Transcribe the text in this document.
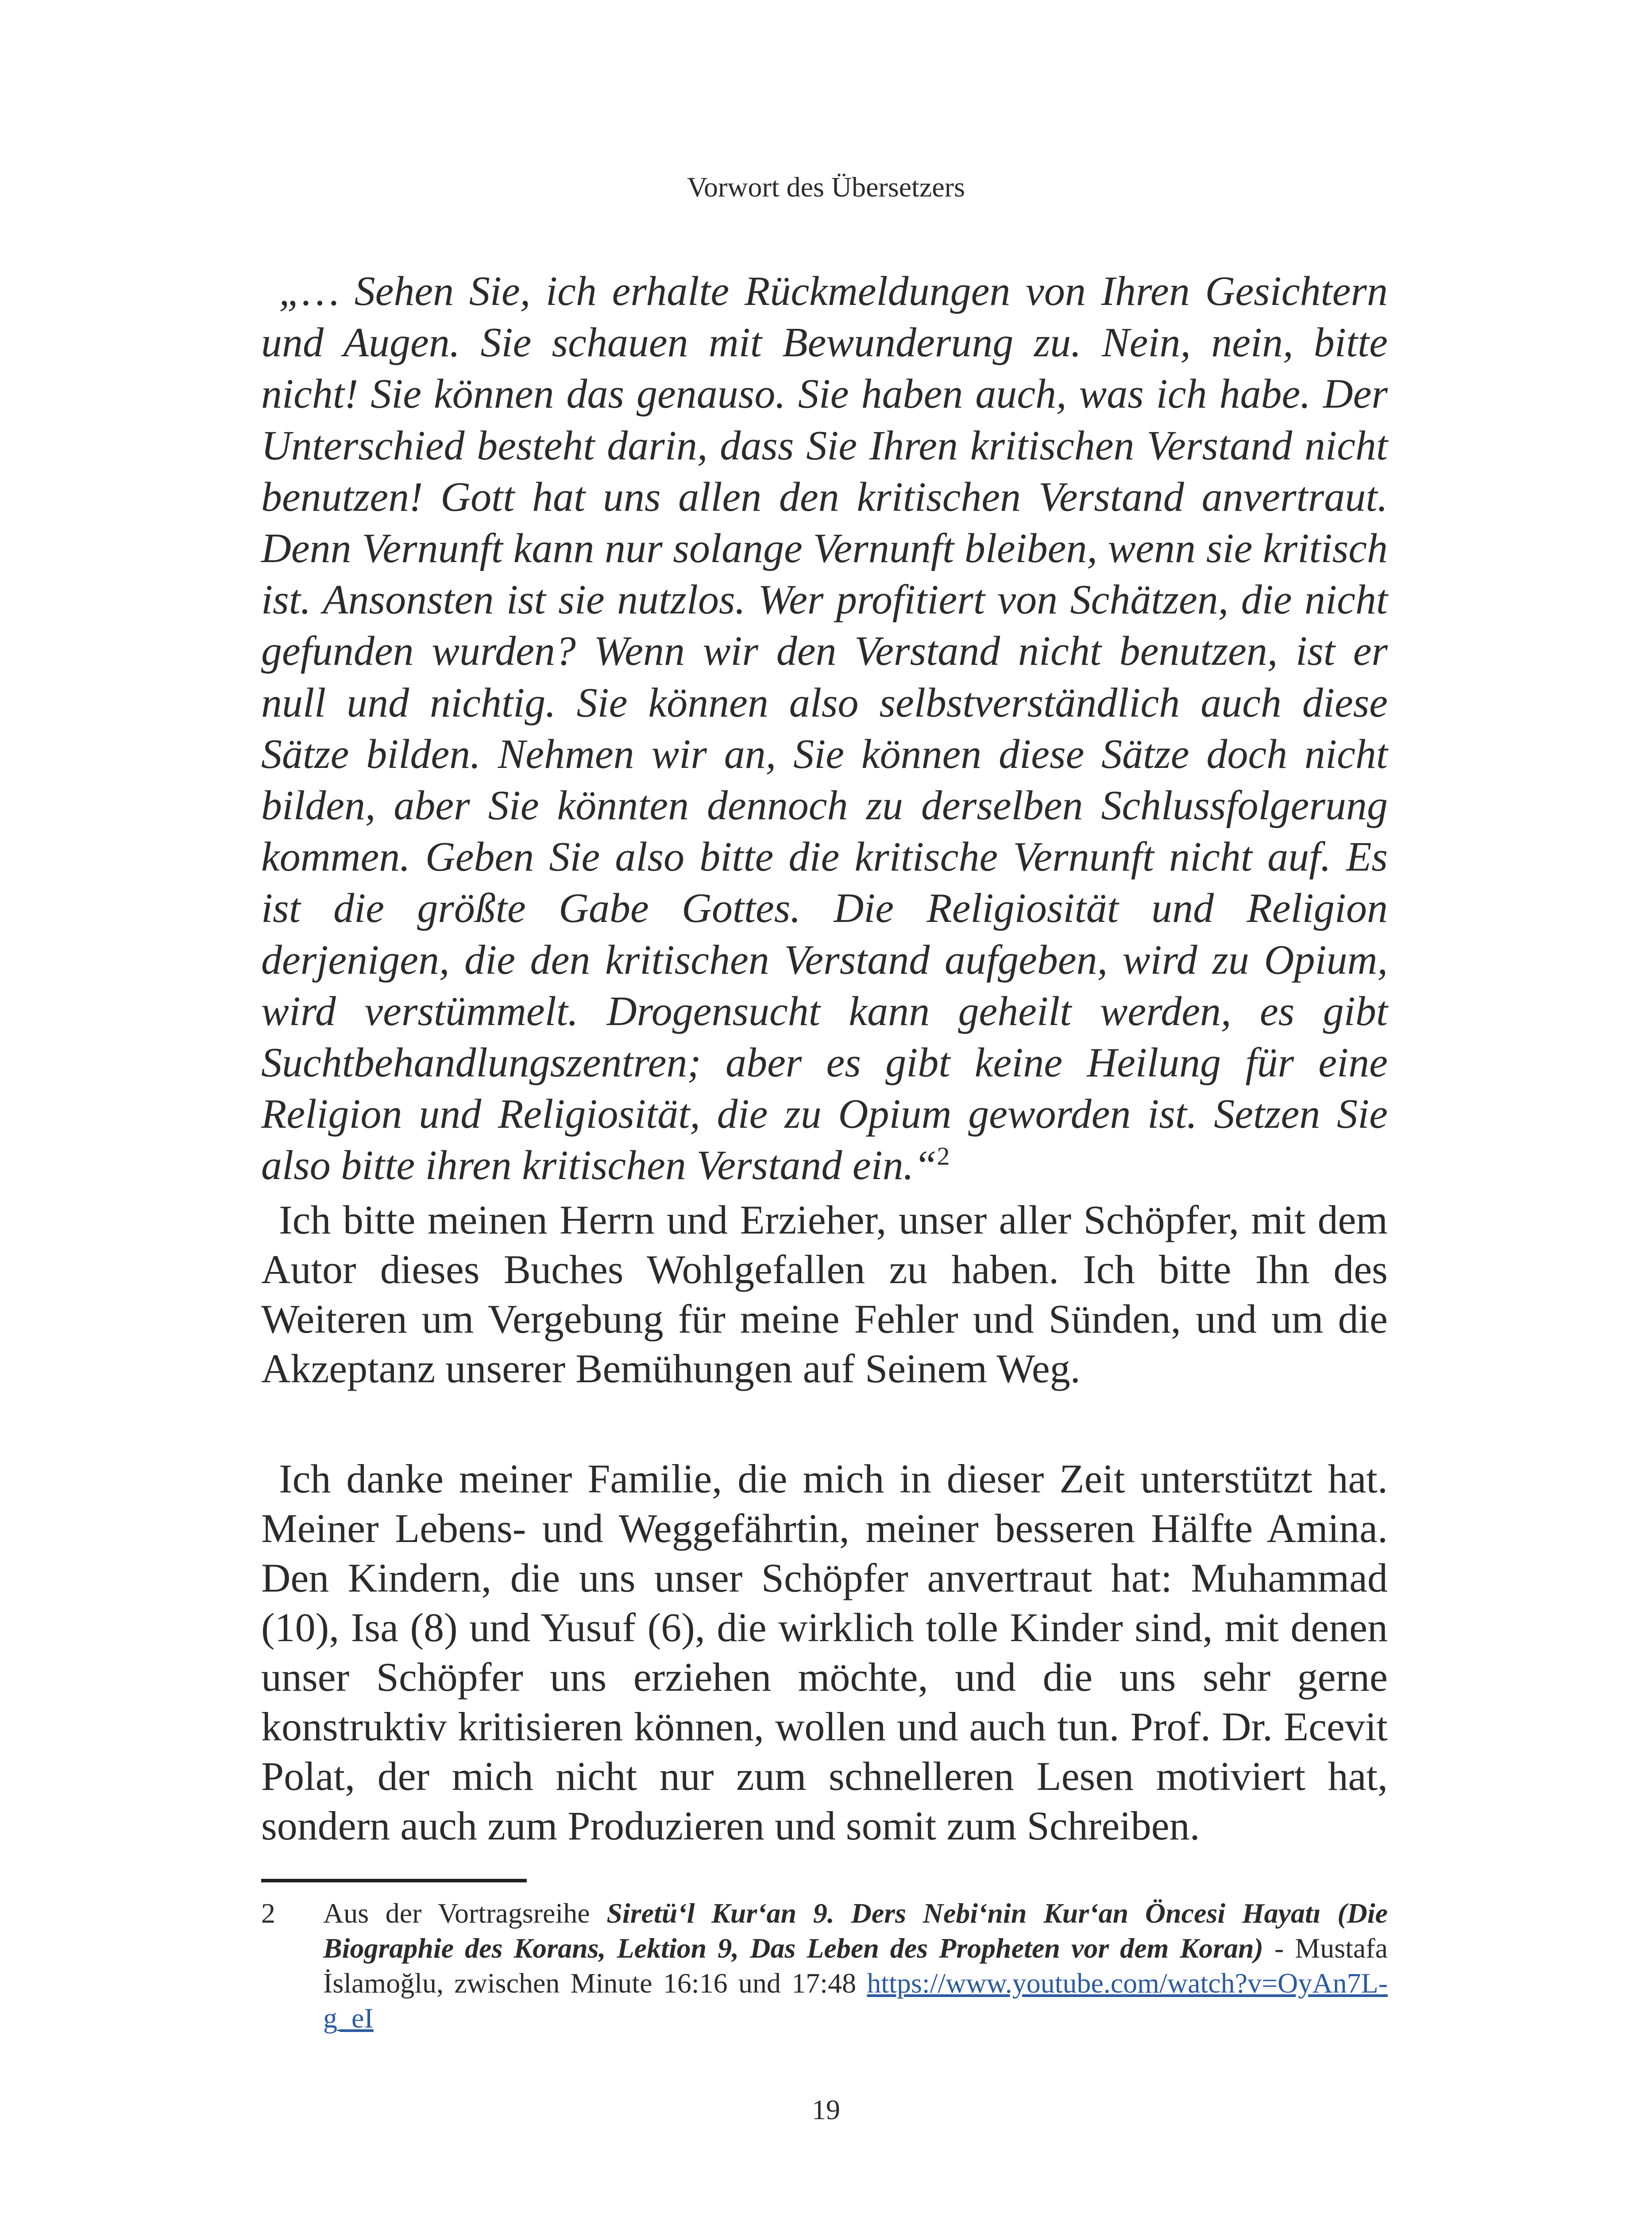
Vorwort des Übersetzers
„… Sehen Sie, ich erhalte Rückmeldungen von Ihren Gesichtern und Augen. Sie schauen mit Bewunderung zu. Nein, nein, bitte nicht! Sie können das genauso. Sie haben auch, was ich habe. Der Unterschied besteht darin, dass Sie Ihren kritischen Verstand nicht benutzen! Gott hat uns allen den kritischen Verstand anvertraut. Denn Vernunft kann nur solange Vernunft bleiben, wenn sie kritisch ist. Ansonsten ist sie nutzlos. Wer profitiert von Schätzen, die nicht gefunden wurden? Wenn wir den Verstand nicht benutzen, ist er null und nichtig. Sie können also selbstverständlich auch diese Sätze bilden. Nehmen wir an, Sie können diese Sätze doch nicht bilden, aber Sie könnten dennoch zu derselben Schlussfolgerung kommen. Geben Sie also bitte die kritische Vernunft nicht auf. Es ist die größte Gabe Gottes. Die Religiosität und Religion derjenigen, die den kritischen Verstand aufgeben, wird zu Opium, wird verstümmelt. Drogensucht kann geheilt werden, es gibt Suchtbehandlungszentren; aber es gibt keine Heilung für eine Religion und Religiosität, die zu Opium geworden ist. Setzen Sie also bitte ihren kritischen Verstand ein.“$^2$
Ich bitte meinen Herrn und Erzieher, unser aller Schöpfer, mit dem Autor dieses Buches Wohlgefallen zu haben. Ich bitte Ihn des Weiteren um Vergebung für meine Fehler und Sünden, und um die Akzeptanz unserer Bemühungen auf Seinem Weg.
Ich danke meiner Familie, die mich in dieser Zeit unterstützt hat. Meiner Lebens- und Weggefährtin, meiner besseren Hälfte Amina. Den Kindern, die uns unser Schöpfer anvertraut hat: Muhammad (10), Isa (8) und Yusuf (6), die wirklich tolle Kinder sind, mit denen unser Schöpfer uns erziehen möchte, und die uns sehr gerne konstruktiv kritisieren können, wollen und auch tun. Prof. Dr. Ecevit Polat, der mich nicht nur zum schnelleren Lesen motiviert hat, sondern auch zum Produzieren und somit zum Schreiben.
2	Aus der Vortragsreihe Siretü‘l Kur‘an 9. Ders Nebi‘nin Kur‘an Öncesi Hayatı (Die Biographie des Korans, Lektion 9, Das Leben des Propheten vor dem Koran) - Mustafa İslamoğlu, zwischen Minute 16:16 und 17:48 https://www.youtube.com/watch?v=OyAn7L-g_eI
19
